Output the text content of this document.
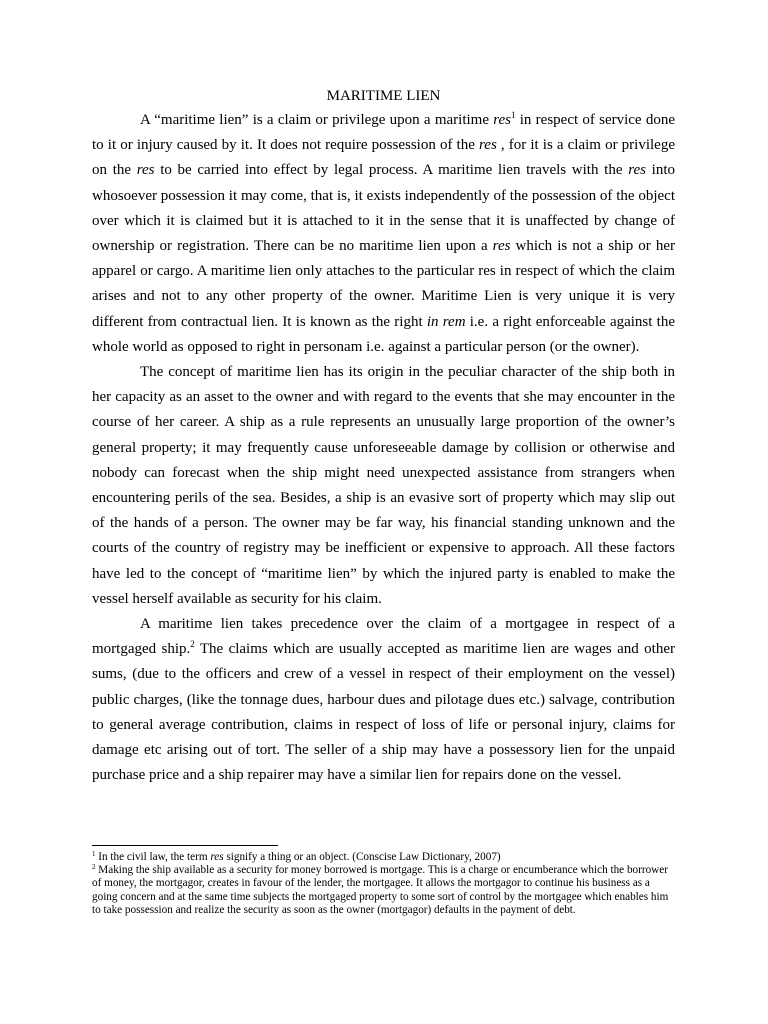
MARITIME LIEN

A “maritime lien” is a claim or privilege upon a maritime res$^1$ in respect of service done to it or injury caused by it. It does not require possession of the res , for it is a claim or privilege on the res to be carried into effect by legal process. A maritime lien travels with the res into whosoever possession it may come, that is, it exists independently of the possession of the object over which it is claimed but it is attached to it in the sense that it is unaffected by change of ownership or registration. There can be no maritime lien upon a res which is not a ship or her apparel or cargo. A maritime lien only attaches to the particular res in respect of which the claim arises and not to any other property of the owner. Maritime Lien is very unique it is very different from contractual lien. It is known as the right in rem i.e. a right enforceable against the whole world as opposed to right in personam i.e. against a particular person (or the owner).

The concept of maritime lien has its origin in the peculiar character of the ship both in her capacity as an asset to the owner and with regard to the events that she may encounter in the course of her career. A ship as a rule represents an unusually large proportion of the owner’s general property; it may frequently cause unforeseeable damage by collision or otherwise and nobody can forecast when the ship might need unexpected assistance from strangers when encountering perils of the sea. Besides, a ship is an evasive sort of property which may slip out of the hands of a person. The owner may be far way, his financial standing unknown and the courts of the country of registry may be inefficient or expensive to approach. All these factors have led to the concept of “maritime lien” by which the injured party is enabled to make the vessel herself available as security for his claim.

A maritime lien takes precedence over the claim of a mortgagee in respect of a mortgaged ship.$^2$ The claims which are usually accepted as maritime lien are wages and other sums, (due to the officers and crew of a vessel in respect of their employment on the vessel) public charges, (like the tonnage dues, harbour dues and pilotage dues etc.) salvage, contribution to general average contribution, claims in respect of loss of life or personal injury, claims for damage etc arising out of tort. The seller of a ship may have a possessory lien for the unpaid purchase price and a ship repairer may have a similar lien for repairs done on the vessel.

$^1$ In the civil law, the term res signify a thing or an object. (Conscise Law Dictionary, 2007)

$^2$ Making the ship available as a security for money borrowed is mortgage. This is a charge or encumberance which the borrower of money, the mortgagor, creates in favour of the lender, the mortgagee. It allows the mortgagor to continue his business as a going concern and at the same time subjects the mortgaged property to some sort of control by the mortgagee which enables him to take possession and realize the security as soon as the owner (mortgagor) defaults in the payment of debt.
